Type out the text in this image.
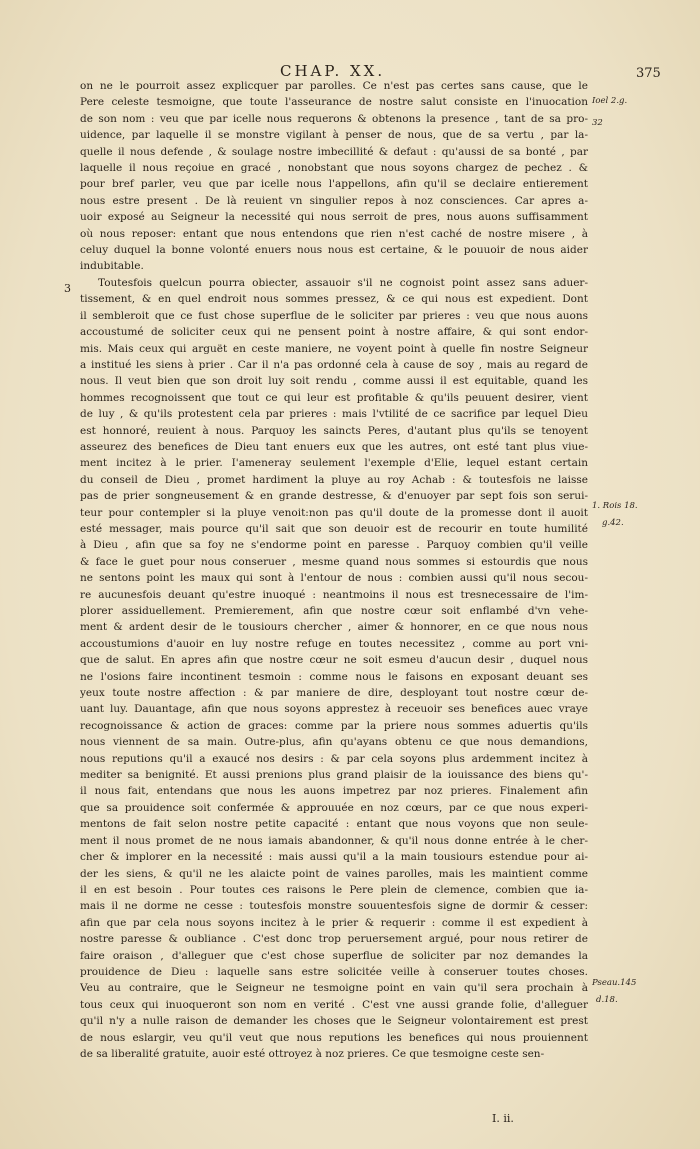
CHAP. XX.	375
3
Ioel 2.g.
32
1. Rois 18.
g.42.
Pseau.145
d.18.
on ne le pourroit assez explicquer par parolles. Ce n'est pas certes sans cause, que le
Pere celeste tesmoigne, que toute l'asseurance de nostre salut consiste en l'inuocation
de son nom : veu que par icelle nous requerons & obtenons la presence , tant de sa pro-
uidence, par laquelle il se monstre vigilant à penser de nous, que de sa vertu , par la-
quelle il nous defende , & soulage nostre imbecillité & defaut : qu'aussi de sa bonté , par
laquelle il nous reçoiue en gracé , nonobstant que nous soyons chargez de pechez . &
pour bref parler, veu que par icelle nous l'appellons, afin qu'il se declaire entierement
nous estre present . De là reuient vn singulier repos à noz consciences. Car apres a-
uoir exposé au Seigneur la necessité qui nous serroit de pres, nous auons suffisamment
où nous reposer: entant que nous entendons que rien n'est caché de nostre misere , à
celuy duquel la bonne volonté enuers nous nous est certaine, & le pouuoir de nous aider
indubitable.
Toutesfois quelcun pourra obiecter, assauoir s'il ne cognoist point assez sans aduer-
tissement, & en quel endroit nous sommes pressez, & ce qui nous est expedient. Dont
il sembleroit que ce fust chose superflue de le soliciter par prieres : veu que nous auons
accoustumé de soliciter ceux qui ne pensent point à nostre affaire, & qui sont endor-
mis. Mais ceux qui arguët en ceste maniere, ne voyent point à quelle fin nostre Seigneur
a institué les siens à prier . Car il n'a pas ordonné cela à cause de soy , mais au regard de
nous. Il veut bien que son droit luy soit rendu , comme aussi il est equitable, quand les
hommes recognoissent que tout ce qui leur est profitable & qu'ils peuuent desirer, vient
de luy , & qu'ils protestent cela par prieres : mais l'vtilité de ce sacrifice par lequel Dieu
est honnoré, reuient à nous. Parquoy les saincts Peres, d'autant plus qu'ils se tenoyent
asseurez des benefices de Dieu tant enuers eux que les autres, ont esté tant plus viue-
ment incitez à le prier. I'ameneray seulement l'exemple d'Elie, lequel estant certain
du conseil de Dieu , promet hardiment la pluye au roy Achab : & toutesfois ne laisse
pas de prier songneusement & en grande destresse, & d'enuoyer par sept fois son serui-
teur pour contempler si la pluye venoit:non pas qu'il doute de la promesse dont il auoit
esté messager, mais pource qu'il sait que son deuoir est de recourir en toute humilité
à Dieu , afin que sa foy ne s'endorme point en paresse . Parquoy combien qu'il veille
& face le guet pour nous conseruer , mesme quand nous sommes si estourdis que nous
ne sentons point les maux qui sont à l'entour de nous : combien aussi qu'il nous secou-
re aucunesfois deuant qu'estre inuoqué : neantmoins il nous est tresnecessaire de l'im-
plorer assiduellement. Premierement, afin que nostre cœur soit enflambé d'vn vehe-
ment & ardent desir de le tousiours chercher , aimer & honnorer, en ce que nous nous
accoustumions d'auoir en luy nostre refuge en toutes necessitez , comme au port vni-
que de salut. En apres afin que nostre cœur ne soit esmeu d'aucun desir , duquel nous
ne l'osions faire incontinent tesmoin : comme nous le faisons en exposant deuant ses
yeux toute nostre affection : & par maniere de dire, desployant tout nostre cœur de-
uant luy. Dauantage, afin que nous soyons apprestez à receuoir ses benefices auec vraye
recognoissance & action de graces: comme par la priere nous sommes aduertis qu'ils
nous viennent de sa main. Outre-plus, afin qu'ayans obtenu ce que nous demandions,
nous reputions qu'il a exaucé nos desirs : & par cela soyons plus ardemment incitez à
mediter sa benignité. Et aussi prenions plus grand plaisir de la iouissance des biens qu'-
il nous fait, entendans que nous les auons impetrez par noz prieres. Finalement afin
que sa prouidence soit confermée & approuuée en noz cœurs, par ce que nous experi-
mentons de fait selon nostre petite capacité : entant que nous voyons que non seule-
ment il nous promet de ne nous iamais abandonner, & qu'il nous donne entrée à le cher-
cher & implorer en la necessité : mais aussi qu'il a la main tousiours estendue pour ai-
der les siens, & qu'il ne les alaicte point de vaines parolles, mais les maintient comme
il en est besoin . Pour toutes ces raisons le Pere plein de clemence, combien que ia-
mais il ne dorme ne cesse : toutesfois monstre souuentesfois signe de dormir & cesser:
afin que par cela nous soyons incitez à le prier & requerir : comme il est expedient à
nostre paresse & oubliance . C'est donc trop peruersement argué, pour nous retirer de
faire oraison , d'alleguer que c'est chose superflue de soliciter par noz demandes la
prouidence de Dieu : laquelle sans estre solicitée veille à conseruer toutes choses.
Veu au contraire, que le Seigneur ne tesmoigne point en vain qu'il sera prochain à
tous ceux qui inuoqueront son nom en verité . C'est vne aussi grande folie, d'alleguer
qu'il n'y a nulle raison de demander les choses que le Seigneur volontairement est prest
de nous eslargir, veu qu'il veut que nous reputions les benefices qui nous prouiennent
de sa liberalité gratuite, auoir esté ottroyez à noz prieres. Ce que tesmoigne ceste sen-
I. ii.
